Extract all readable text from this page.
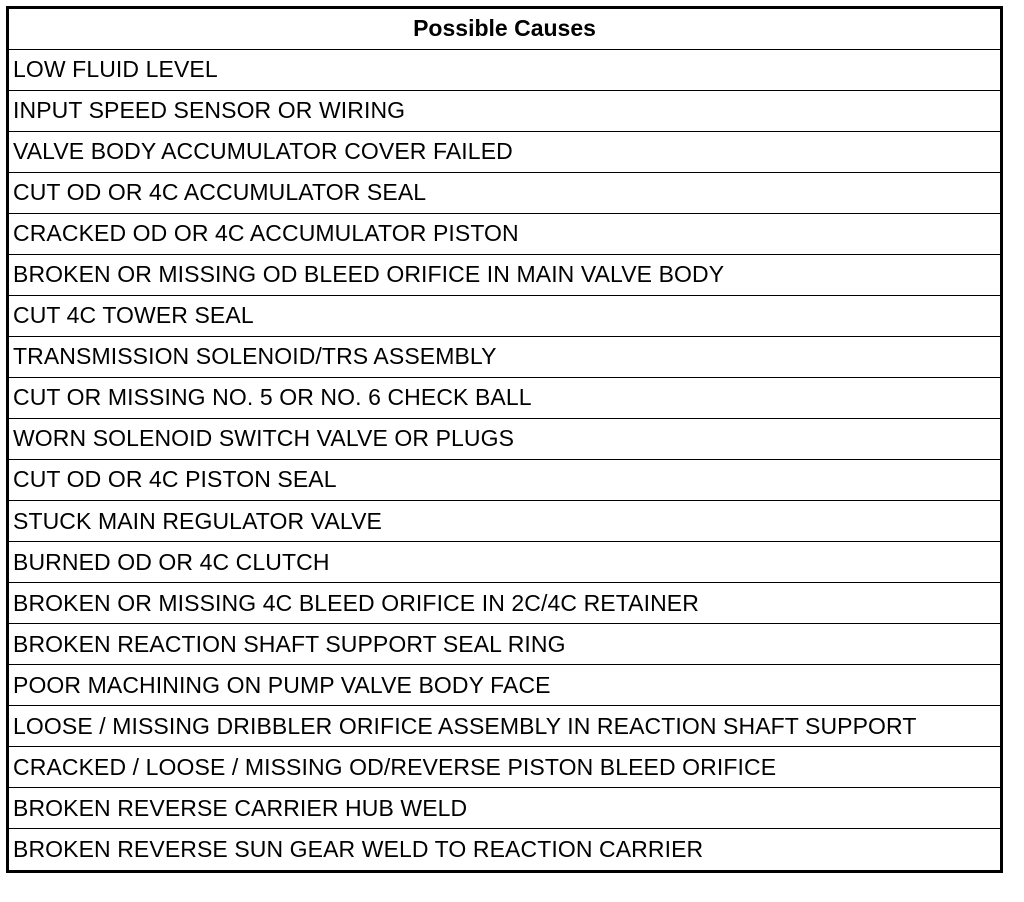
Possible Causes
LOW FLUID LEVEL
INPUT SPEED SENSOR OR WIRING
VALVE BODY ACCUMULATOR COVER FAILED
CUT OD OR 4C ACCUMULATOR SEAL
CRACKED OD OR 4C ACCUMULATOR PISTON
BROKEN OR MISSING OD BLEED ORIFICE IN MAIN VALVE BODY
CUT 4C TOWER SEAL
TRANSMISSION SOLENOID/TRS ASSEMBLY
CUT OR MISSING NO. 5 OR NO. 6 CHECK BALL
WORN SOLENOID SWITCH VALVE OR PLUGS
CUT OD OR 4C PISTON SEAL
STUCK MAIN REGULATOR VALVE
BURNED OD OR 4C CLUTCH
BROKEN OR MISSING 4C BLEED ORIFICE IN 2C/4C RETAINER
BROKEN REACTION SHAFT SUPPORT SEAL RING
POOR MACHINING ON PUMP VALVE BODY FACE
LOOSE / MISSING DRIBBLER ORIFICE ASSEMBLY IN REACTION SHAFT SUPPORT
CRACKED / LOOSE / MISSING OD/REVERSE PISTON BLEED ORIFICE
BROKEN REVERSE CARRIER HUB WELD
BROKEN REVERSE SUN GEAR WELD TO REACTION CARRIER
